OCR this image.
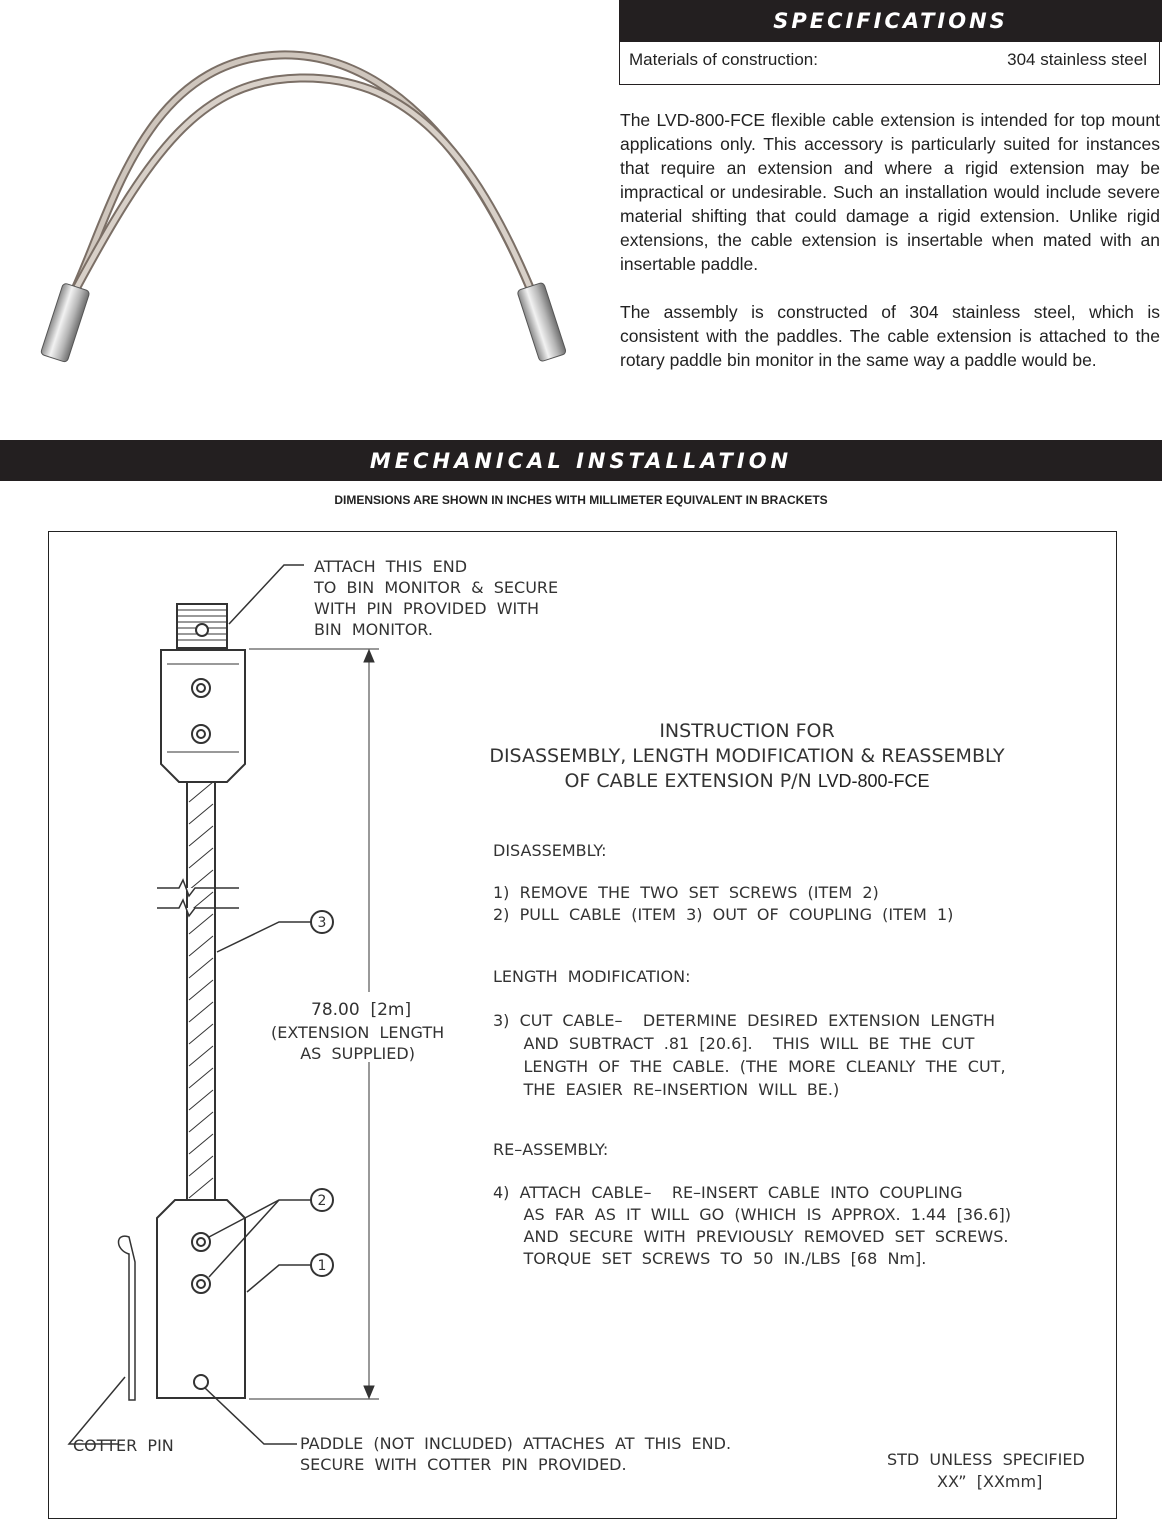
SPECIFICATIONS
Materials of construction:	304 stainless steel

The LVD-800-FCE flexible cable extension is intended for top mount applications only. This accessory is particularly suited for instances that require an extension and where a rigid extension may be impractical or undesirable. Such an installation would include severe material shifting that could damage a rigid extension. Unlike rigid extensions, the cable extension is insertable when mated with an insertable paddle.

The assembly is constructed of 304 stainless steel, which is consistent with the paddles. The cable extension is attached to the rotary paddle bin monitor in the same way a paddle would be.

MECHANICAL INSTALLATION
DIMENSIONS ARE SHOWN IN INCHES WITH MILLIMETER EQUIVALENT IN BRACKETS
3
2
1
ATTACH  THIS  END
TO  BIN  MONITOR  &  SECURE
WITH  PIN  PROVIDED  WITH
BIN  MONITOR.
INSTRUCTION FOR
DISASSEMBLY, LENGTH MODIFICATION & REASSEMBLY
OF CABLE EXTENSION P/N LVD-800-FCE
DISASSEMBLY:
1)  REMOVE  THE  TWO  SET  SCREWS  (ITEM  2)
2)  PULL  CABLE  (ITEM  3)  OUT  OF  COUPLING  (ITEM  1)
LENGTH  MODIFICATION:
3)  CUT  CABLE–    DETERMINE  DESIRED  EXTENSION  LENGTH
AND  SUBTRACT  .81  [20.6].    THIS  WILL  BE  THE  CUT
LENGTH  OF  THE  CABLE.  (THE  MORE  CLEANLY  THE  CUT,
THE  EASIER  RE–INSERTION  WILL  BE.)
RE–ASSEMBLY:
4)  ATTACH  CABLE–    RE–INSERT  CABLE  INTO  COUPLING
AS  FAR  AS  IT  WILL  GO  (WHICH  IS  APPROX.  1.44  [36.6])
AND  SECURE  WITH  PREVIOUSLY  REMOVED  SET  SCREWS.
TORQUE  SET  SCREWS  TO  50  IN./LBS  [68  Nm].
78.00  [2m]
(EXTENSION  LENGTH
AS  SUPPLIED)
COTTER  PIN	PADDLE  (NOT  INCLUDED)  ATTACHES  AT  THIS  END.
SECURE  WITH  COTTER  PIN  PROVIDED.	STD  UNLESS  SPECIFIED
XX”  [XXmm]
